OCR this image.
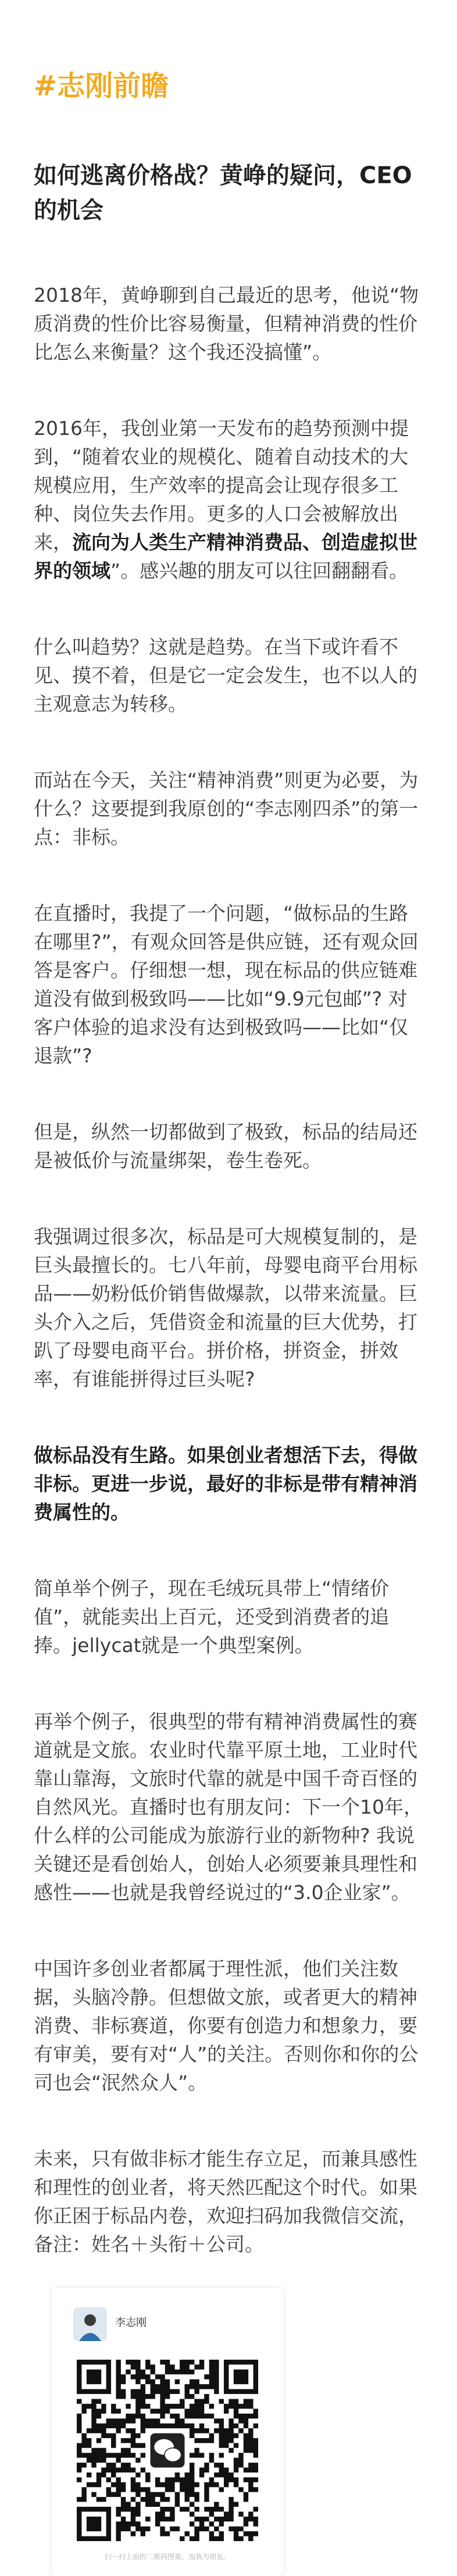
#志刚前瞻
如何逃离价格战？黄峥的疑问，CEO的机会
2018年，黄峥聊到自己最近的思考，他说“物质消费的性价比容易衡量，但精神消费的性价比怎么来衡量？这个我还没搞懂”。
2016年，我创业第一天发布的趋势预测中提到，“随着农业的规模化、随着自动技术的大规模应用，生产效率的提高会让现存很多工种、岗位失去作用。更多的人口会被解放出来，流向为人类生产精神消费品、创造虚拟世界的领域”。感兴趣的朋友可以往回翻翻看。
什么叫趋势？这就是趋势。在当下或许看不见、摸不着，但是它一定会发生，也不以人的主观意志为转移。
而站在今天，关注“精神消费”则更为必要，为什么？这要提到我原创的“李志刚四杀”的第一点：非标。
在直播时，我提了一个问题，“做标品的生路在哪里?”，有观众回答是供应链，还有观众回答是客户。仔细想一想，现在标品的供应链难道没有做到极致吗——比如“9.9元包邮”? 对客户体验的追求没有达到极致吗——比如“仅退款”?
但是，纵然一切都做到了极致，标品的结局还是被低价与流量绑架，卷生卷死。
我强调过很多次，标品是可大规模复制的，是巨头最擅长的。七八年前，母婴电商平台用标品——奶粉低价销售做爆款，以带来流量。巨头介入之后，凭借资金和流量的巨大优势，打趴了母婴电商平台。拼价格，拼资金，拼效率，有谁能拼得过巨头呢?
做标品没有生路。如果创业者想活下去，得做非标。更进一步说，最好的非标是带有精神消费属性的。
简单举个例子，现在毛绒玩具带上“情绪价值”，就能卖出上百元，还受到消费者的追捧。jellycat就是一个典型案例。
再举个例子，很典型的带有精神消费属性的赛道就是文旅。农业时代靠平原土地，工业时代靠山靠海，文旅时代靠的就是中国千奇百怪的自然风光。直播时也有朋友问：下一个10年，什么样的公司能成为旅游行业的新物种? 我说关键还是看创始人，创始人必须要兼具理性和感性——也就是我曾经说过的“3.0企业家”。
中国许多创业者都属于理性派，他们关注数据，头脑冷静。但想做文旅，或者更大的精神消费、非标赛道，你要有创造力和想象力，要有审美，要有对“人”的关注。否则你和你的公司也会“泯然众人”。
未来，只有做非标才能生存立足，而兼具感性和理性的创业者，将天然匹配这个时代。如果你正困于标品内卷，欢迎扫码加我微信交流，备注：姓名＋头衔＋公司。
李志刚
扫一扫上面的二维码图案，加我为朋友。
